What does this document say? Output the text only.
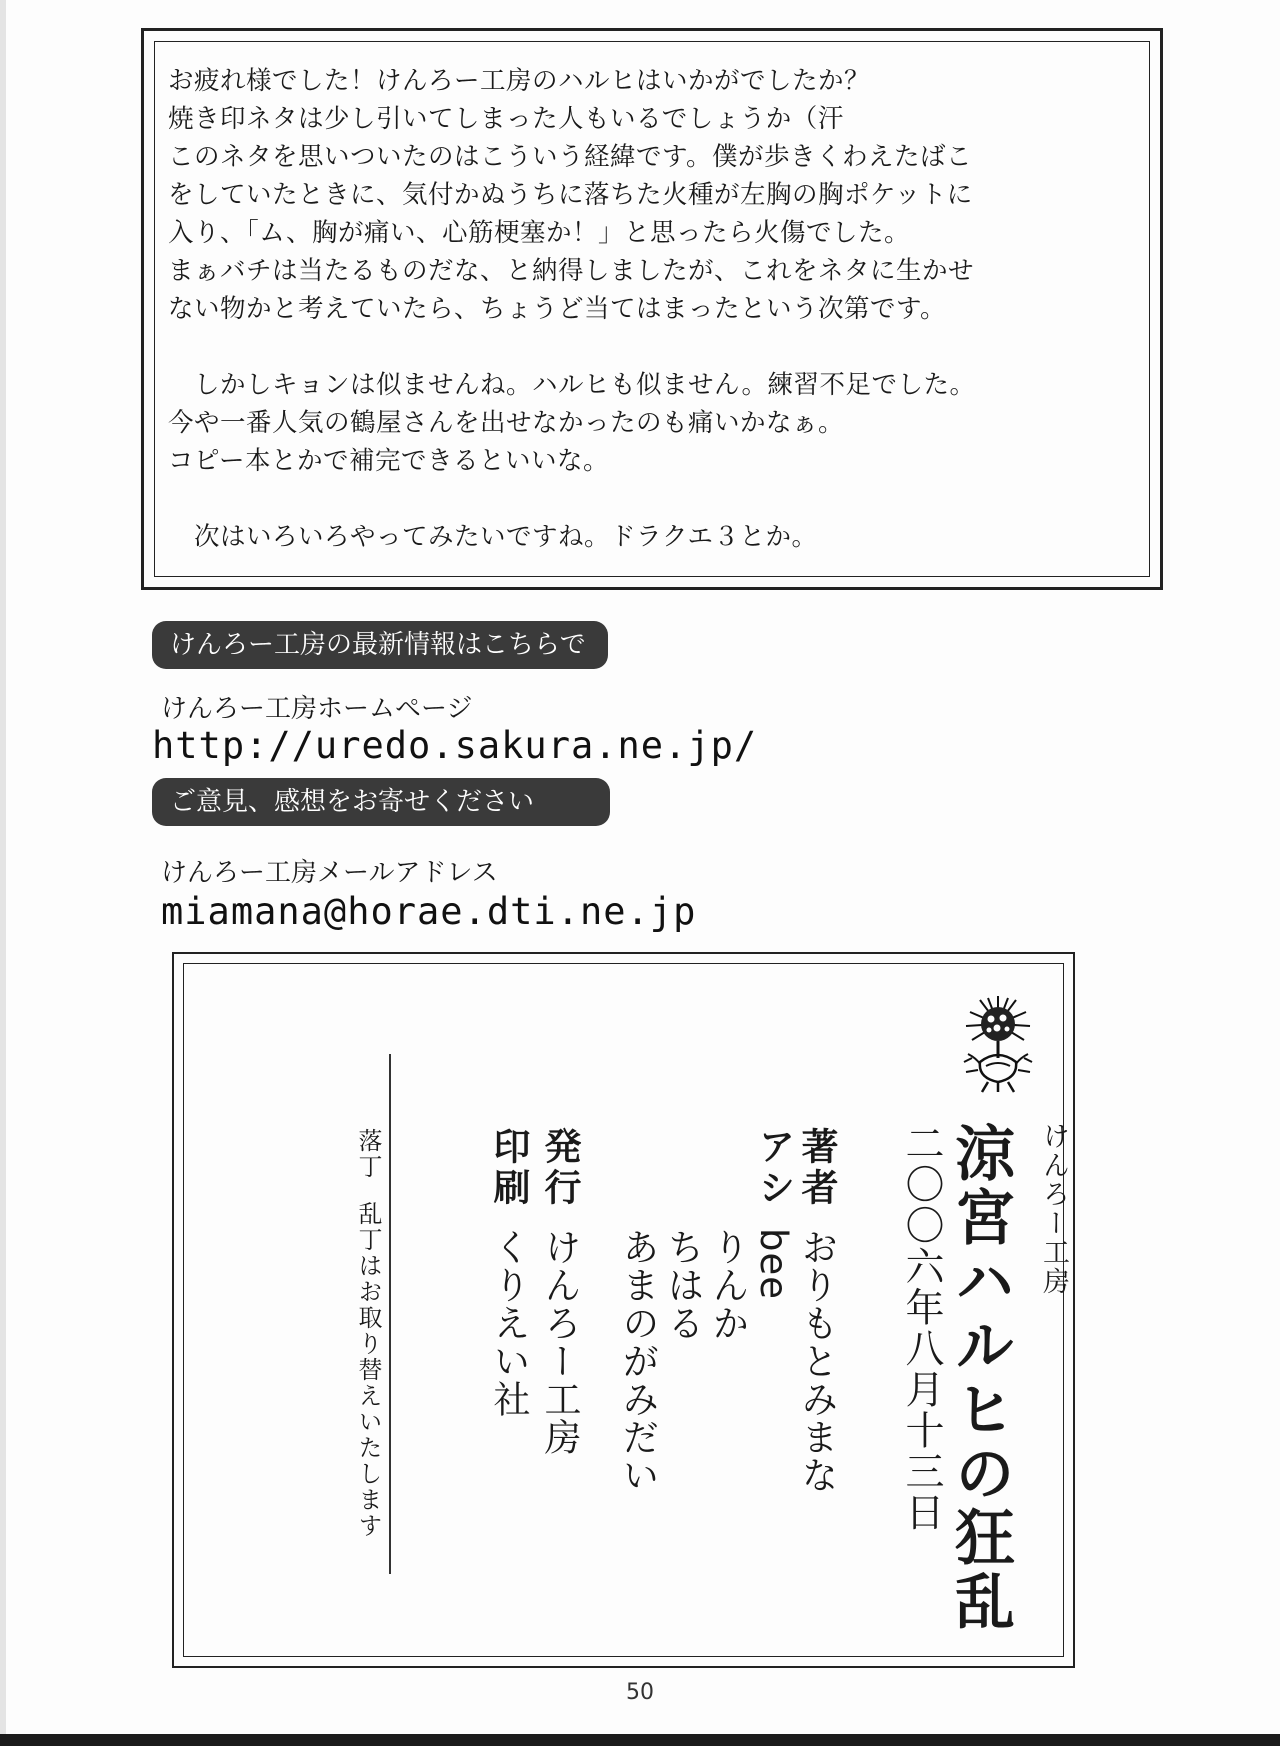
お疲れ様でした！けんろー工房のハルヒはいかがでしたか？
焼き印ネタは少し引いてしまった人もいるでしょうか（汗
このネタを思いついたのはこういう経緯です。僕が歩きくわえたばこ
をしていたときに、気付かぬうちに落ちた火種が左胸の胸ポケットに
入り、「ム、胸が痛い、心筋梗塞か！」と思ったら火傷でした。
まぁバチは当たるものだな、と納得しましたが、これをネタに生かせ
ない物かと考えていたら、ちょうど当てはまったという次第です。
　しかしキョンは似ませんね。ハルヒも似ません。練習不足でした。
今や一番人気の鶴屋さんを出せなかったのも痛いかなぁ。
コピー本とかで補完できるといいな。
　次はいろいろやってみたいですね。ドラクエ３とか。
けんろー工房の最新情報はこちらで
けんろー工房ホームページ
http://uredo.sakura.ne.jp/
ご意見、感想をお寄せください
けんろー工房メールアドレス
miamana@horae.dti.ne.jp
けんろー工房
涼宮ハルヒの狂乱
二〇〇六年八月十三日
著者
おりもとみまな
アシ
bee
りんか
ちはる
あまのがみだい
発行
けんろー工房
印刷
くりえい社
落丁
乱丁はお取り替えいたします
50
